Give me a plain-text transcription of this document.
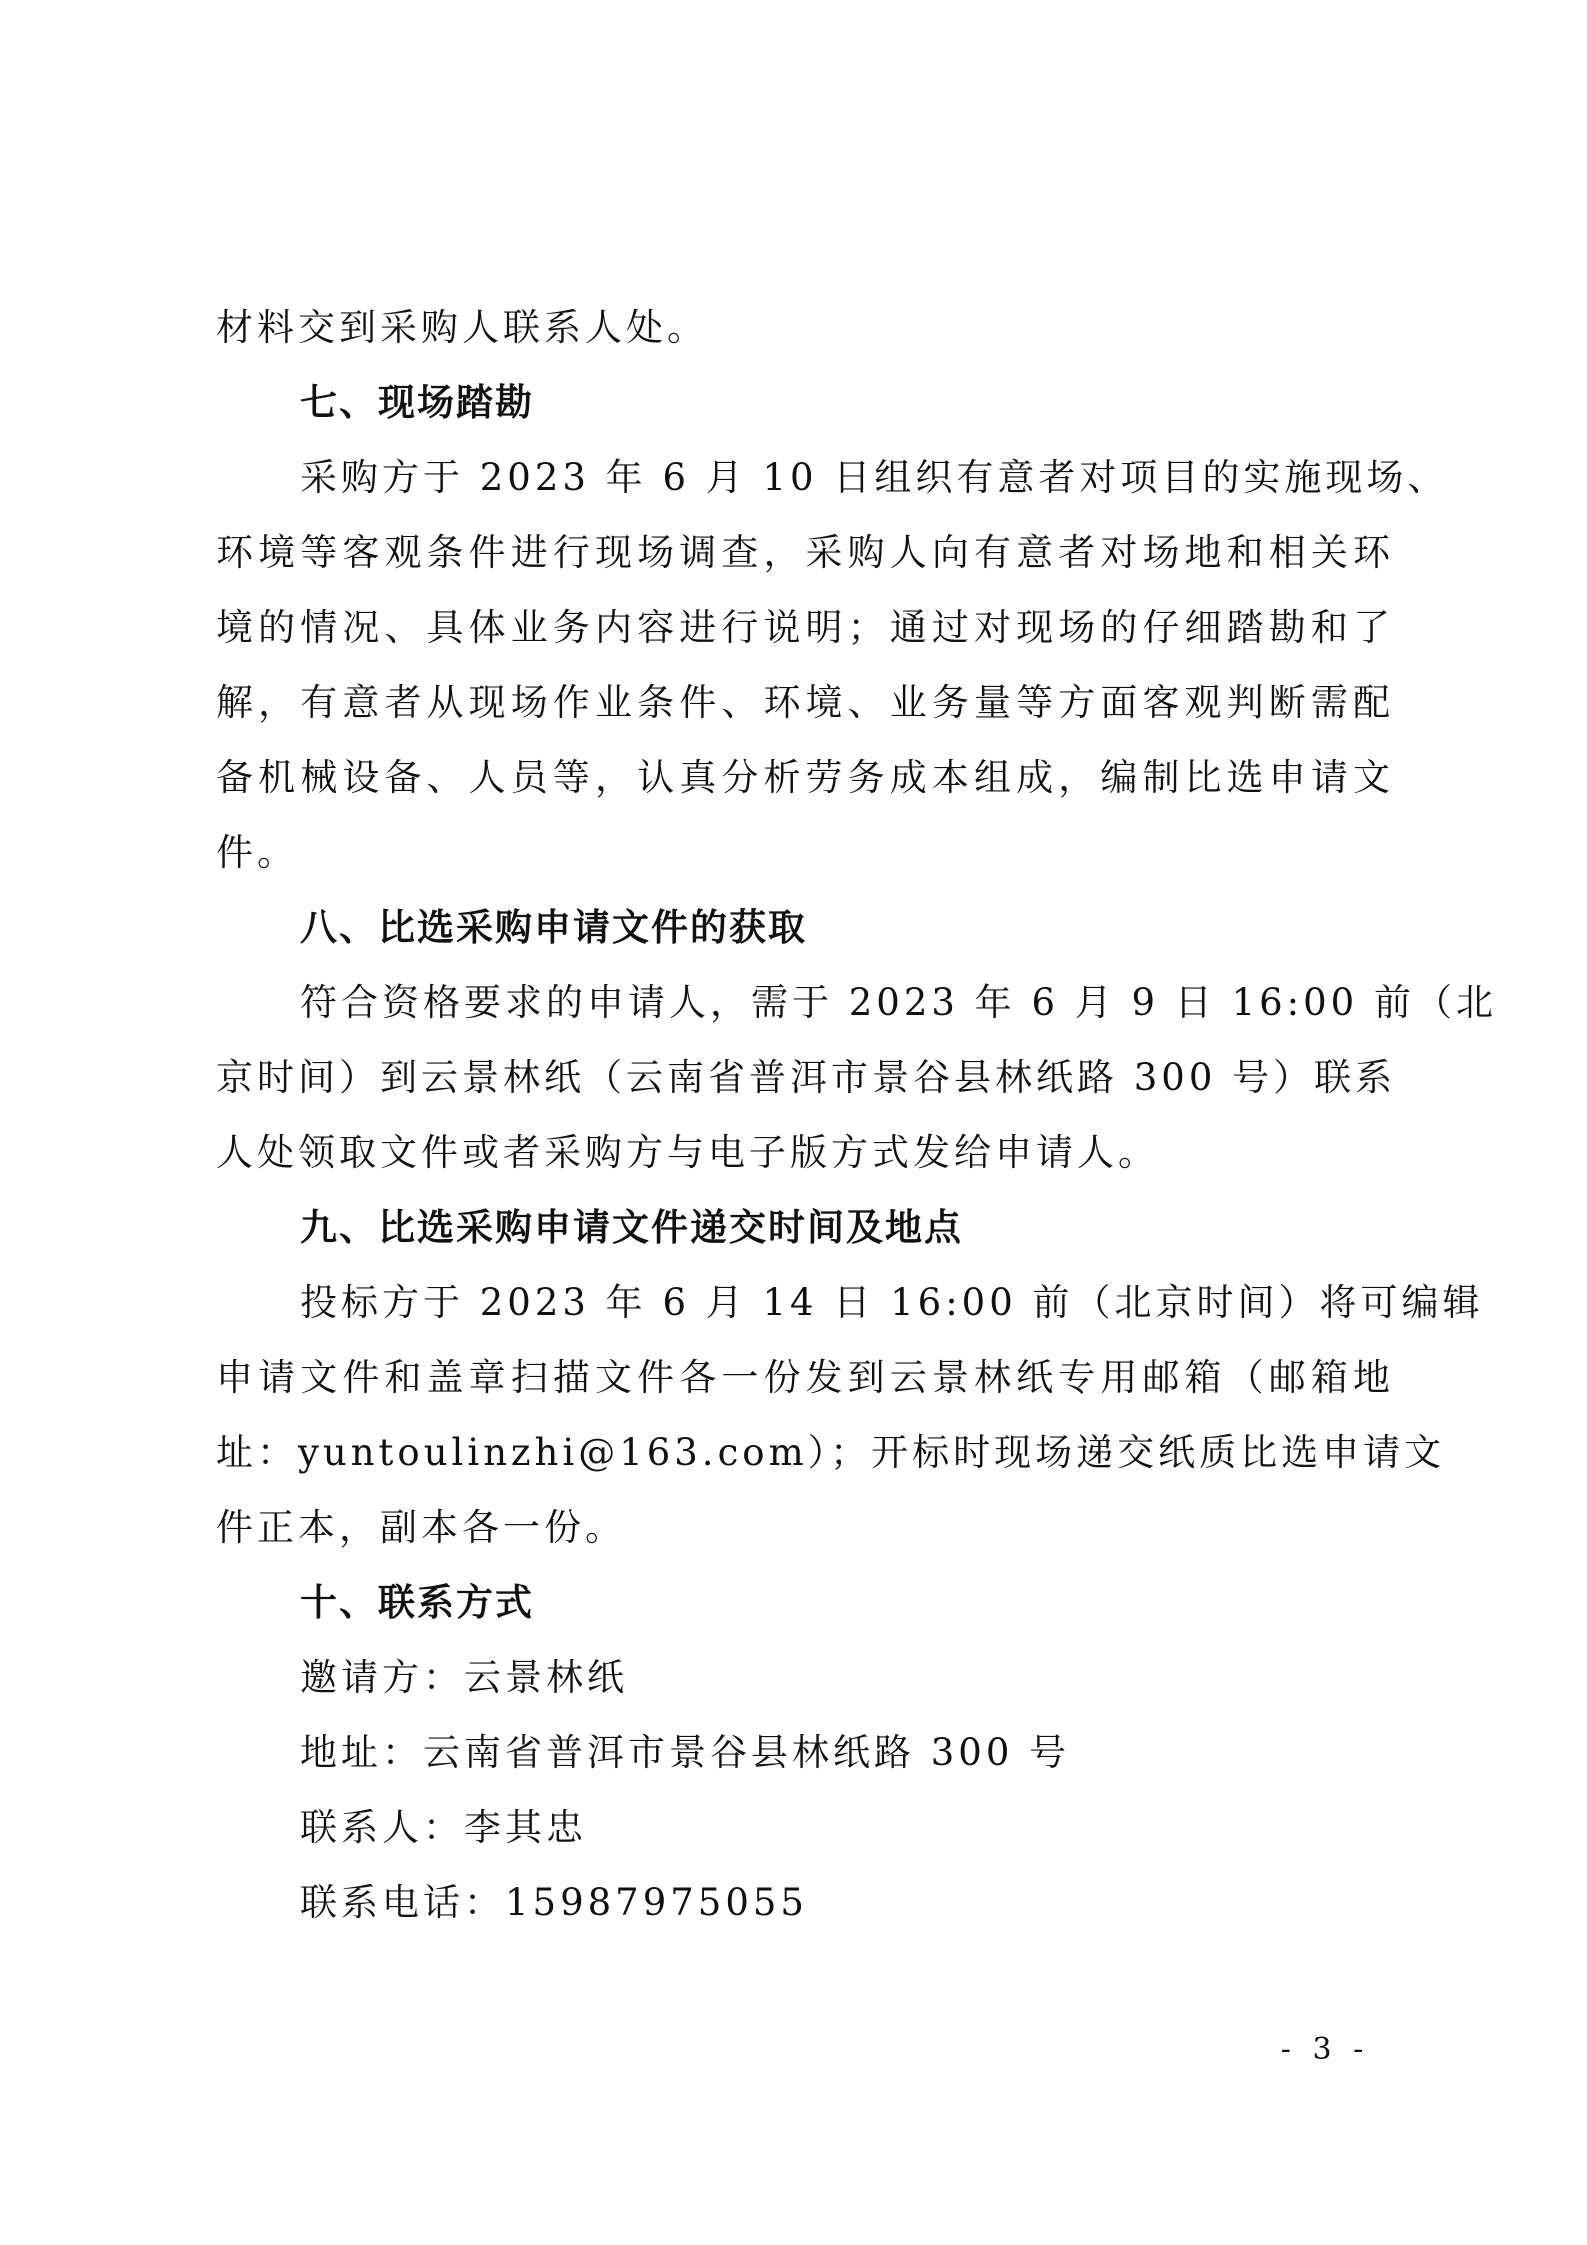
材料交到采购人联系人处。
七、现场踏勘
采购方于 2023 年 6 月 10 日组织有意者对项目的实施现场、
环境等客观条件进行现场调查，采购人向有意者对场地和相关环
境的情况、具体业务内容进行说明；通过对现场的仔细踏勘和了
解，有意者从现场作业条件、环境、业务量等方面客观判断需配
备机械设备、人员等，认真分析劳务成本组成，编制比选申请文
件。
八、比选采购申请文件的获取
符合资格要求的申请人，需于 2023 年 6 月 9 日 16:00 前（北
京时间）到云景林纸（云南省普洱市景谷县林纸路 300 号）联系
人处领取文件或者采购方与电子版方式发给申请人。
九、比选采购申请文件递交时间及地点
投标方于 2023 年 6 月 14 日 16:00 前（北京时间）将可编辑
申请文件和盖章扫描文件各一份发到云景林纸专用邮箱（邮箱地
址：yuntoulinzhi@163.com）；开标时现场递交纸质比选申请文
件正本，副本各一份。
十、联系方式
邀请方：云景林纸
地址：云南省普洱市景谷县林纸路 300 号
联系人：李其忠
联系电话：15987975055
- 3 -
